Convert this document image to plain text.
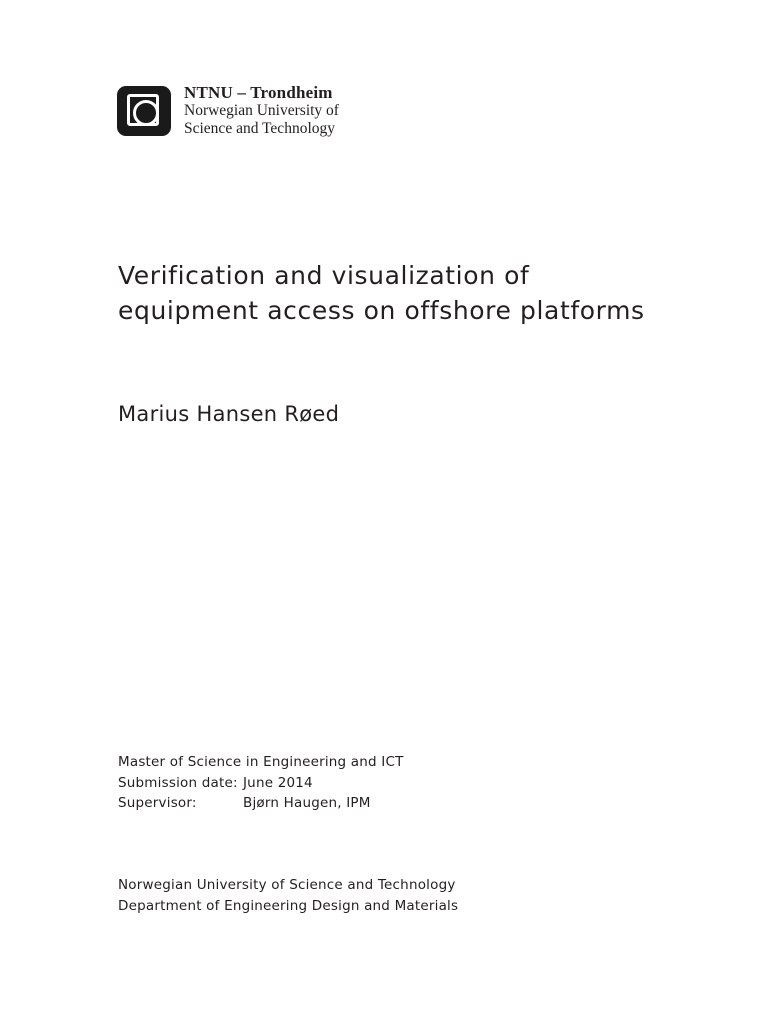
NTNU – Trondheim
Norwegian University of
Science and Technology
Verification and visualization of
equipment access on offshore platforms
Marius Hansen Røed
Master of Science in Engineering and ICT
Submission date: June 2014
Supervisor:	Bjørn Haugen, IPM
Norwegian University of Science and Technology
Department of Engineering Design and Materials
